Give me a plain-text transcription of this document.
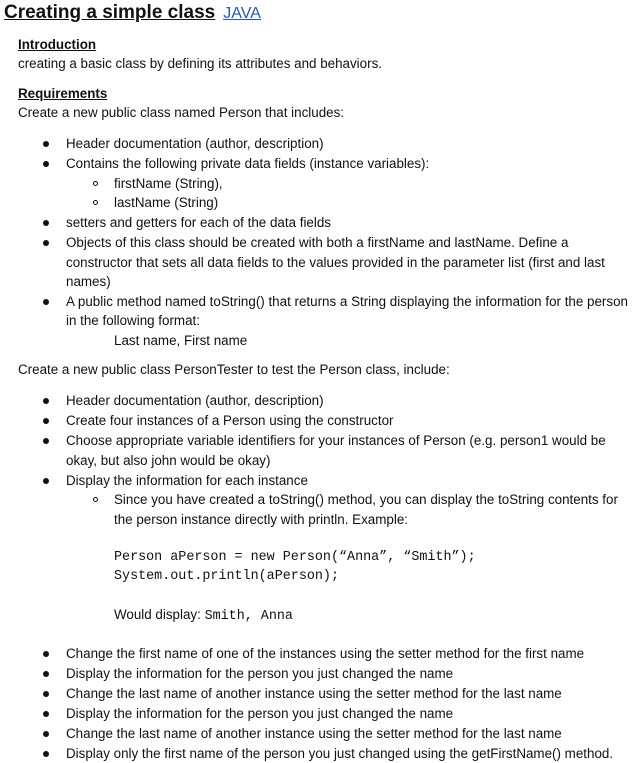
Creating a simple class JAVA
Introduction
creating a basic class by defining its attributes and behaviors.
Requirements
Create a new public class named Person that includes:
Header documentation (author, description)
Contains the following private data fields (instance variables):
firstName (String),
lastName (String)
setters and getters for each of the data fields
Objects of this class should be created with both a firstName and lastName. Define a
constructor that sets all data fields to the values provided in the parameter list (first and last
names)
A public method named toString() that returns a String displaying the information for the person
in the following format:
Last name, First name
Create a new public class PersonTester to test the Person class, include:
Header documentation (author, description)
Create four instances of a Person using the constructor
Choose appropriate variable identifiers for your instances of Person (e.g. person1 would be
okay, but also john would be okay)
Display the information for each instance
Since you have created a toString() method, you can display the toString contents for
the person instance directly with println. Example:
Person aPerson = new Person(“Anna”, “Smith”);
System.out.println(aPerson);
Would display: Smith, Anna
Change the first name of one of the instances using the setter method for the first name
Display the information for the person you just changed the name
Change the last name of another instance using the setter method for the last name
Display the information for the person you just changed the name
Change the last name of another instance using the setter method for the last name
Display only the first name of the person you just changed using the getFirstName() method.
